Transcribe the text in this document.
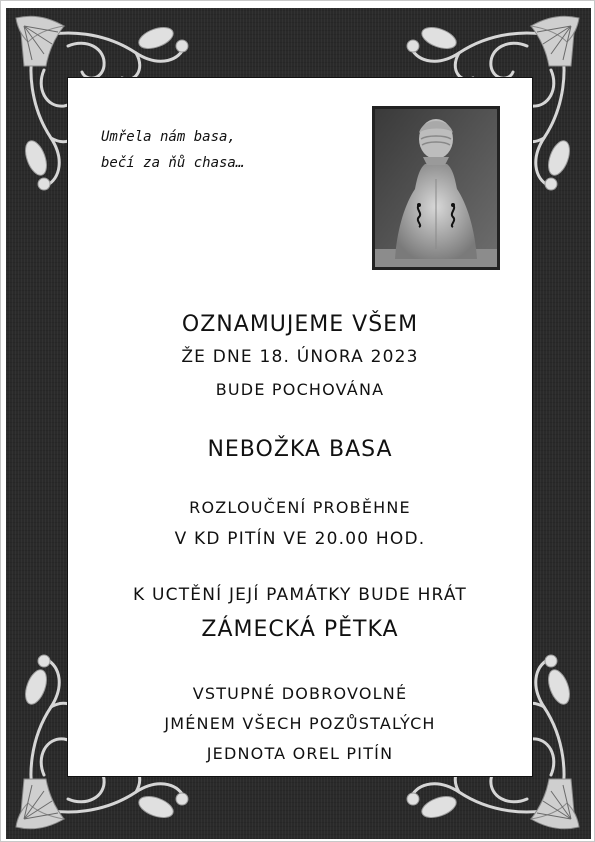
Umřela nám basa,
bečí za ňů chasa…
OZNAMUJEME VŠEM
ŽE DNE 18. ÚNORA 2023
BUDE POCHOVÁNA
NEBOŽKA BASA
ROZLOUČENÍ PROBĚHNE
V KD PITÍN VE 20.00 HOD.
K UCTĚNÍ JEJÍ PAMÁTKY BUDE HRÁT
ZÁMECKÁ PĚTKA
VSTUPNÉ DOBROVOLNÉ
JMÉNEM VŠECH POZŮSTALÝCH
JEDNOTA OREL PITÍN
